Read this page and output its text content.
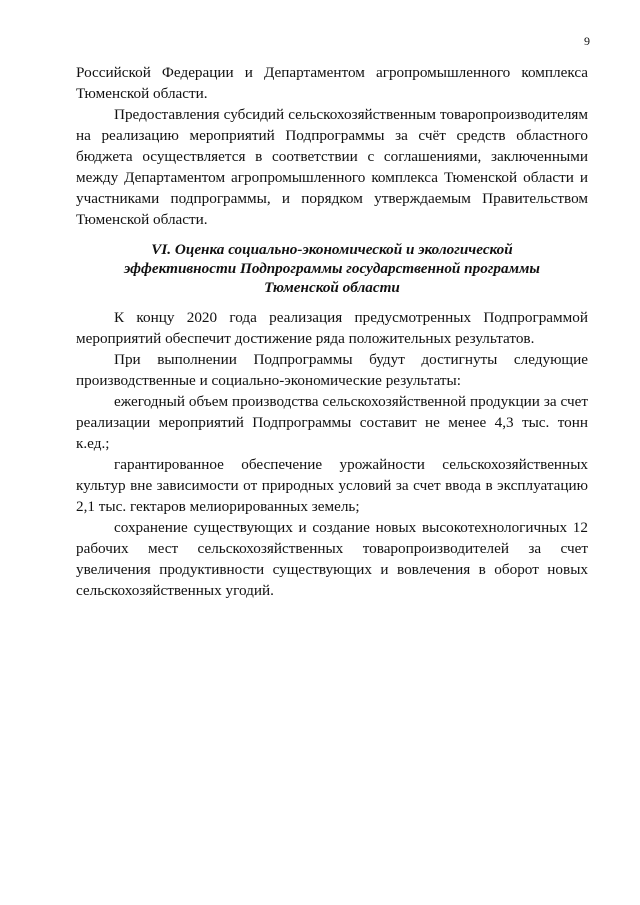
9

Российской Федерации и Департаментом агропромышленного комплекса Тюменской области.

Предоставления субсидий сельскохозяйственным товаропроизводителям на реализацию мероприятий Подпрограммы за счёт средств областного бюджета осуществляется в соответствии с соглашениями, заключенными между Департаментом агропромышленного комплекса Тюменской области и участниками подпрограммы, и порядком утверждаемым Правительством Тюменской области.

VI. Оценка социально-экономической и экологической
эффективности Подпрограммы государственной программы
Тюменской области

К концу 2020 года реализация предусмотренных Подпрограммой мероприятий обеспечит достижение ряда положительных результатов.

При выполнении Подпрограммы будут достигнуты следующие производственные и социально-экономические результаты:

ежегодный объем производства сельскохозяйственной продукции за счет реализации мероприятий Подпрограммы составит не менее 4,3 тыс. тонн к.ед.;

гарантированное обеспечение урожайности сельскохозяйственных культур вне зависимости от природных условий за счет ввода в эксплуатацию 2,1 тыс. гектаров мелиорированных земель;

сохранение существующих и создание новых высокотехнологичных 12 рабочих мест сельскохозяйственных товаропроизводителей за счет увеличения продуктивности существующих и вовлечения в оборот новых сельскохозяйственных угодий.
